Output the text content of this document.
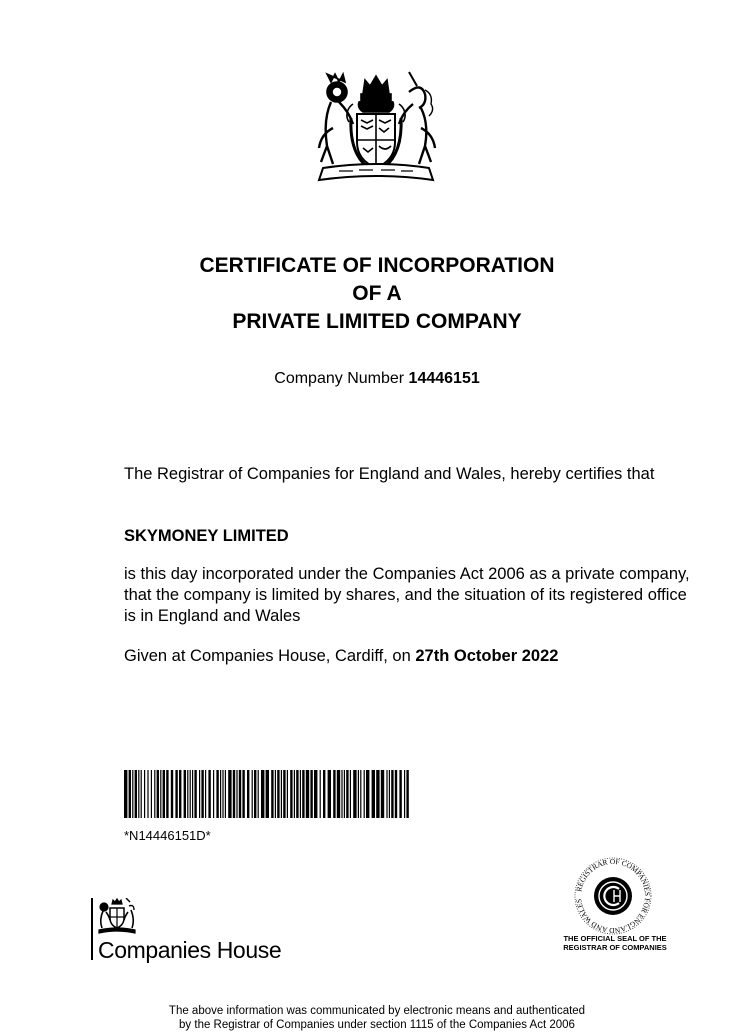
CERTIFICATE OF INCORPORATION
OF A
PRIVATE LIMITED COMPANY
Company Number 14446151
The Registrar of Companies for England and Wales, hereby certifies that
SKYMONEY LIMITED
is this day incorporated under the Companies Act 2006 as a private company, that the company is limited by shares, and the situation of its registered office is in England and Wales
Given at Companies House, Cardiff, on 27th October 2022
*N14446151D*
REGISTRAR OF COMPANIES FOR ENGLAND AND WALES
THE OFFICIAL SEAL OF THE
REGISTRAR OF COMPANIES
Companies House
The above information was communicated by electronic means and authenticated
by the Registrar of Companies under section 1115 of the Companies Act 2006
